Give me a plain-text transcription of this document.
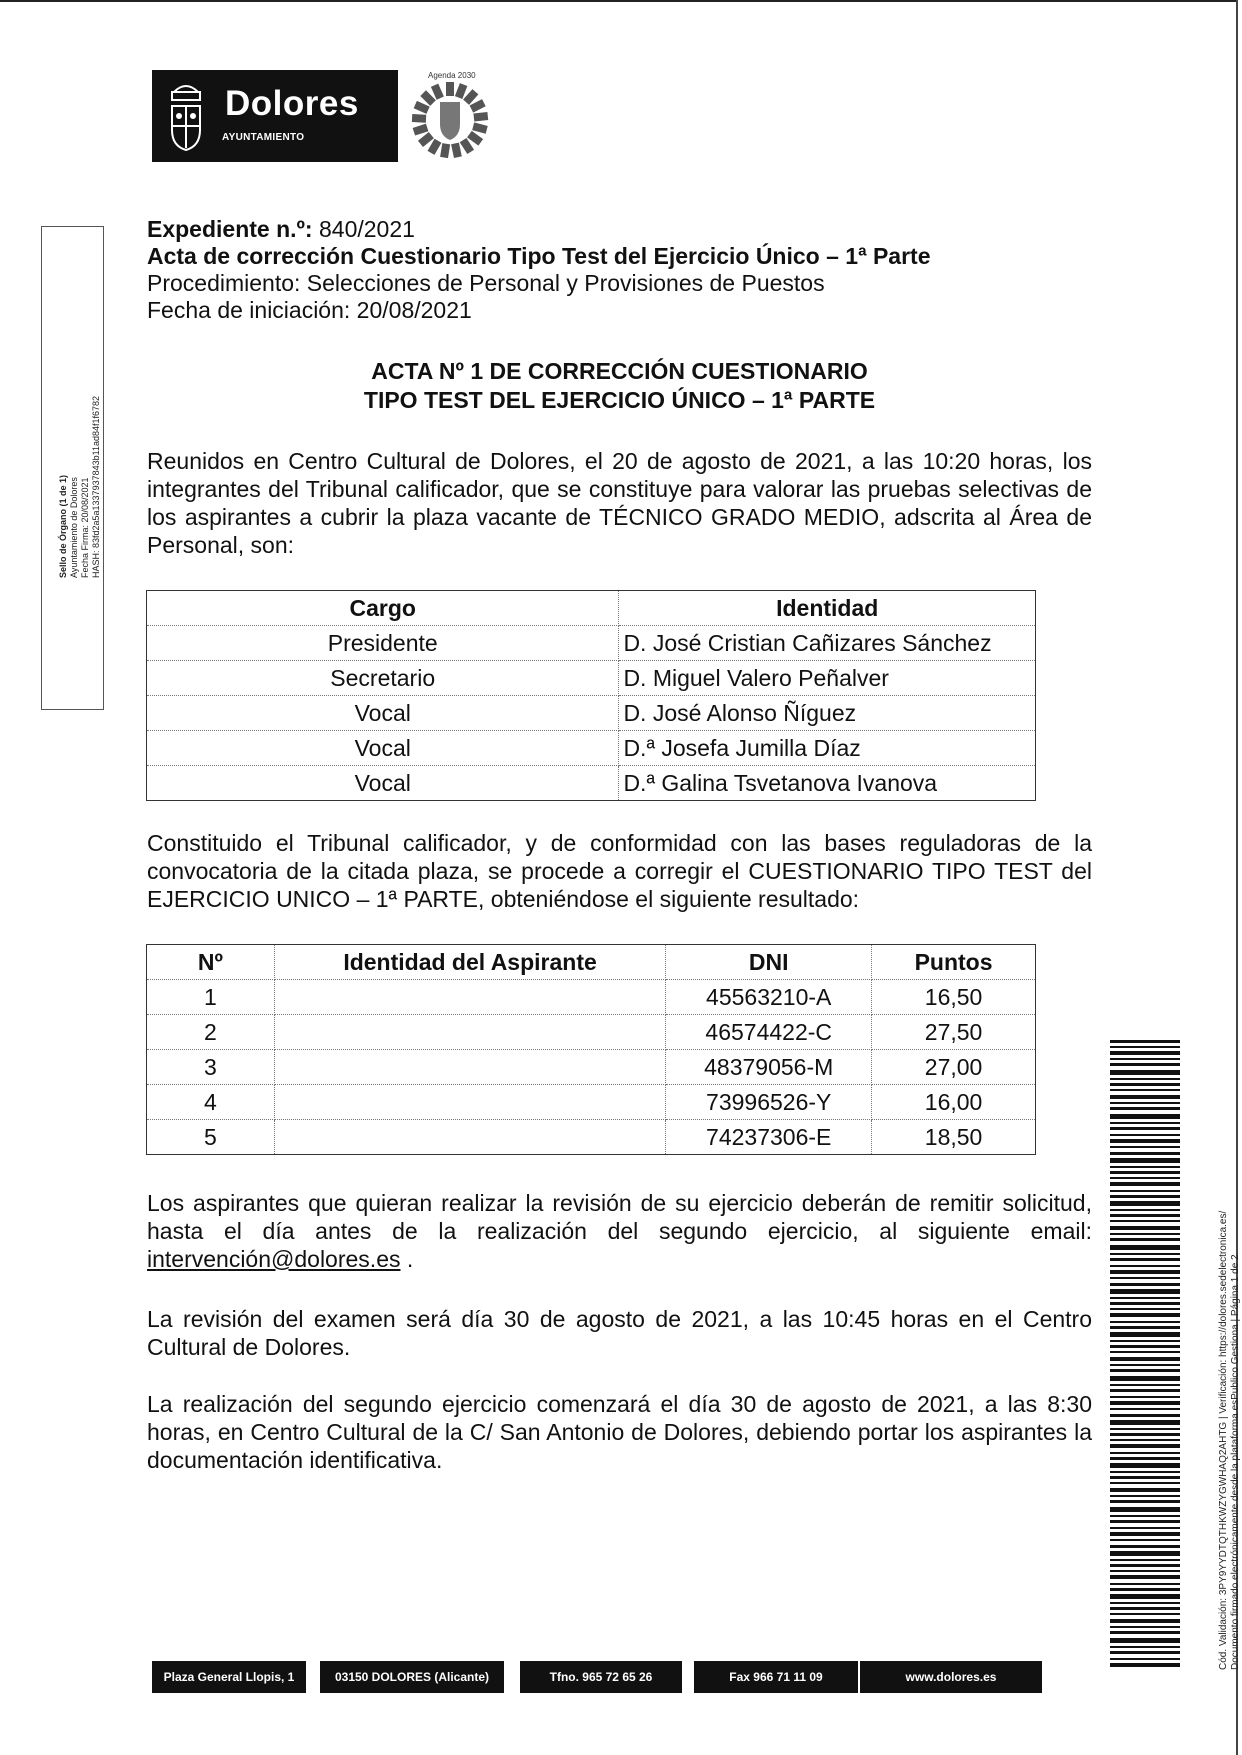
Dolores
AYUNTAMIENTO
Agenda 2030
Sello de Órgano (1 de 1) Ayuntamiento de Dolores Fecha Firma: 20/08/2021 HASH: 83fd2a5a1337937843b11ad84f1f6782
Cód. Validación: 3PY9YYDTQTHKWZYGWHAQ2AHTG | Verificación: https://dolores.sedelectronica.es/ Documento firmado electrónicamente desde la plataforma esPublico Gestiona | Página 1 de 2
Expediente n.º: 840/2021
Acta de corrección Cuestionario Tipo Test del Ejercicio Único – 1ª Parte
Procedimiento: Selecciones de Personal y Provisiones de Puestos
Fecha de iniciación: 20/08/2021
ACTA Nº 1 DE CORRECCIÓN CUESTIONARIO
TIPO TEST DEL EJERCICIO ÚNICO – 1ª PARTE
Reunidos en Centro Cultural de Dolores, el 20 de agosto de 2021, a las 10:20 horas, los integrantes del Tribunal calificador, que se constituye para valorar las pruebas selectivas de los aspirantes a cubrir la plaza vacante de TÉCNICO GRADO MEDIO, adscrita al Área de Personal, son:
Cargo	Identidad
Presidente	D. José Cristian Cañizares Sánchez
Secretario	D. Miguel Valero Peñalver
Vocal	D. José Alonso Ñíguez
Vocal	D.ª Josefa Jumilla Díaz
Vocal	D.ª Galina Tsvetanova Ivanova
Constituido el Tribunal calificador, y de conformidad con las bases reguladoras de la convocatoria de la citada plaza, se procede a corregir el CUESTIONARIO TIPO TEST del EJERCICIO UNICO – 1ª PARTE, obteniéndose el siguiente resultado:
Nº	Identidad del Aspirante	DNI	Puntos
1		45563210-A	16,50
2		46574422-C	27,50
3		48379056-M	27,00
4		73996526-Y	16,00
5		74237306-E	18,50
Los aspirantes que quieran realizar la revisión de su ejercicio deberán de remitir solicitud, hasta el día antes de la realización del segundo ejercicio, al siguiente email: intervención@dolores.es .
La revisión del examen será día 30 de agosto de 2021, a las 10:45 horas en el Centro Cultural de Dolores.
La realización del segundo ejercicio comenzará el día 30 de agosto de 2021, a las 8:30 horas, en Centro Cultural de la C/ San Antonio de Dolores, debiendo portar los aspirantes la documentación identificativa.
Plaza General Llopis, 1	03150 DOLORES (Alicante)	Tfno. 965 72 65 26	Fax 966 71 11 09	www.dolores.es
